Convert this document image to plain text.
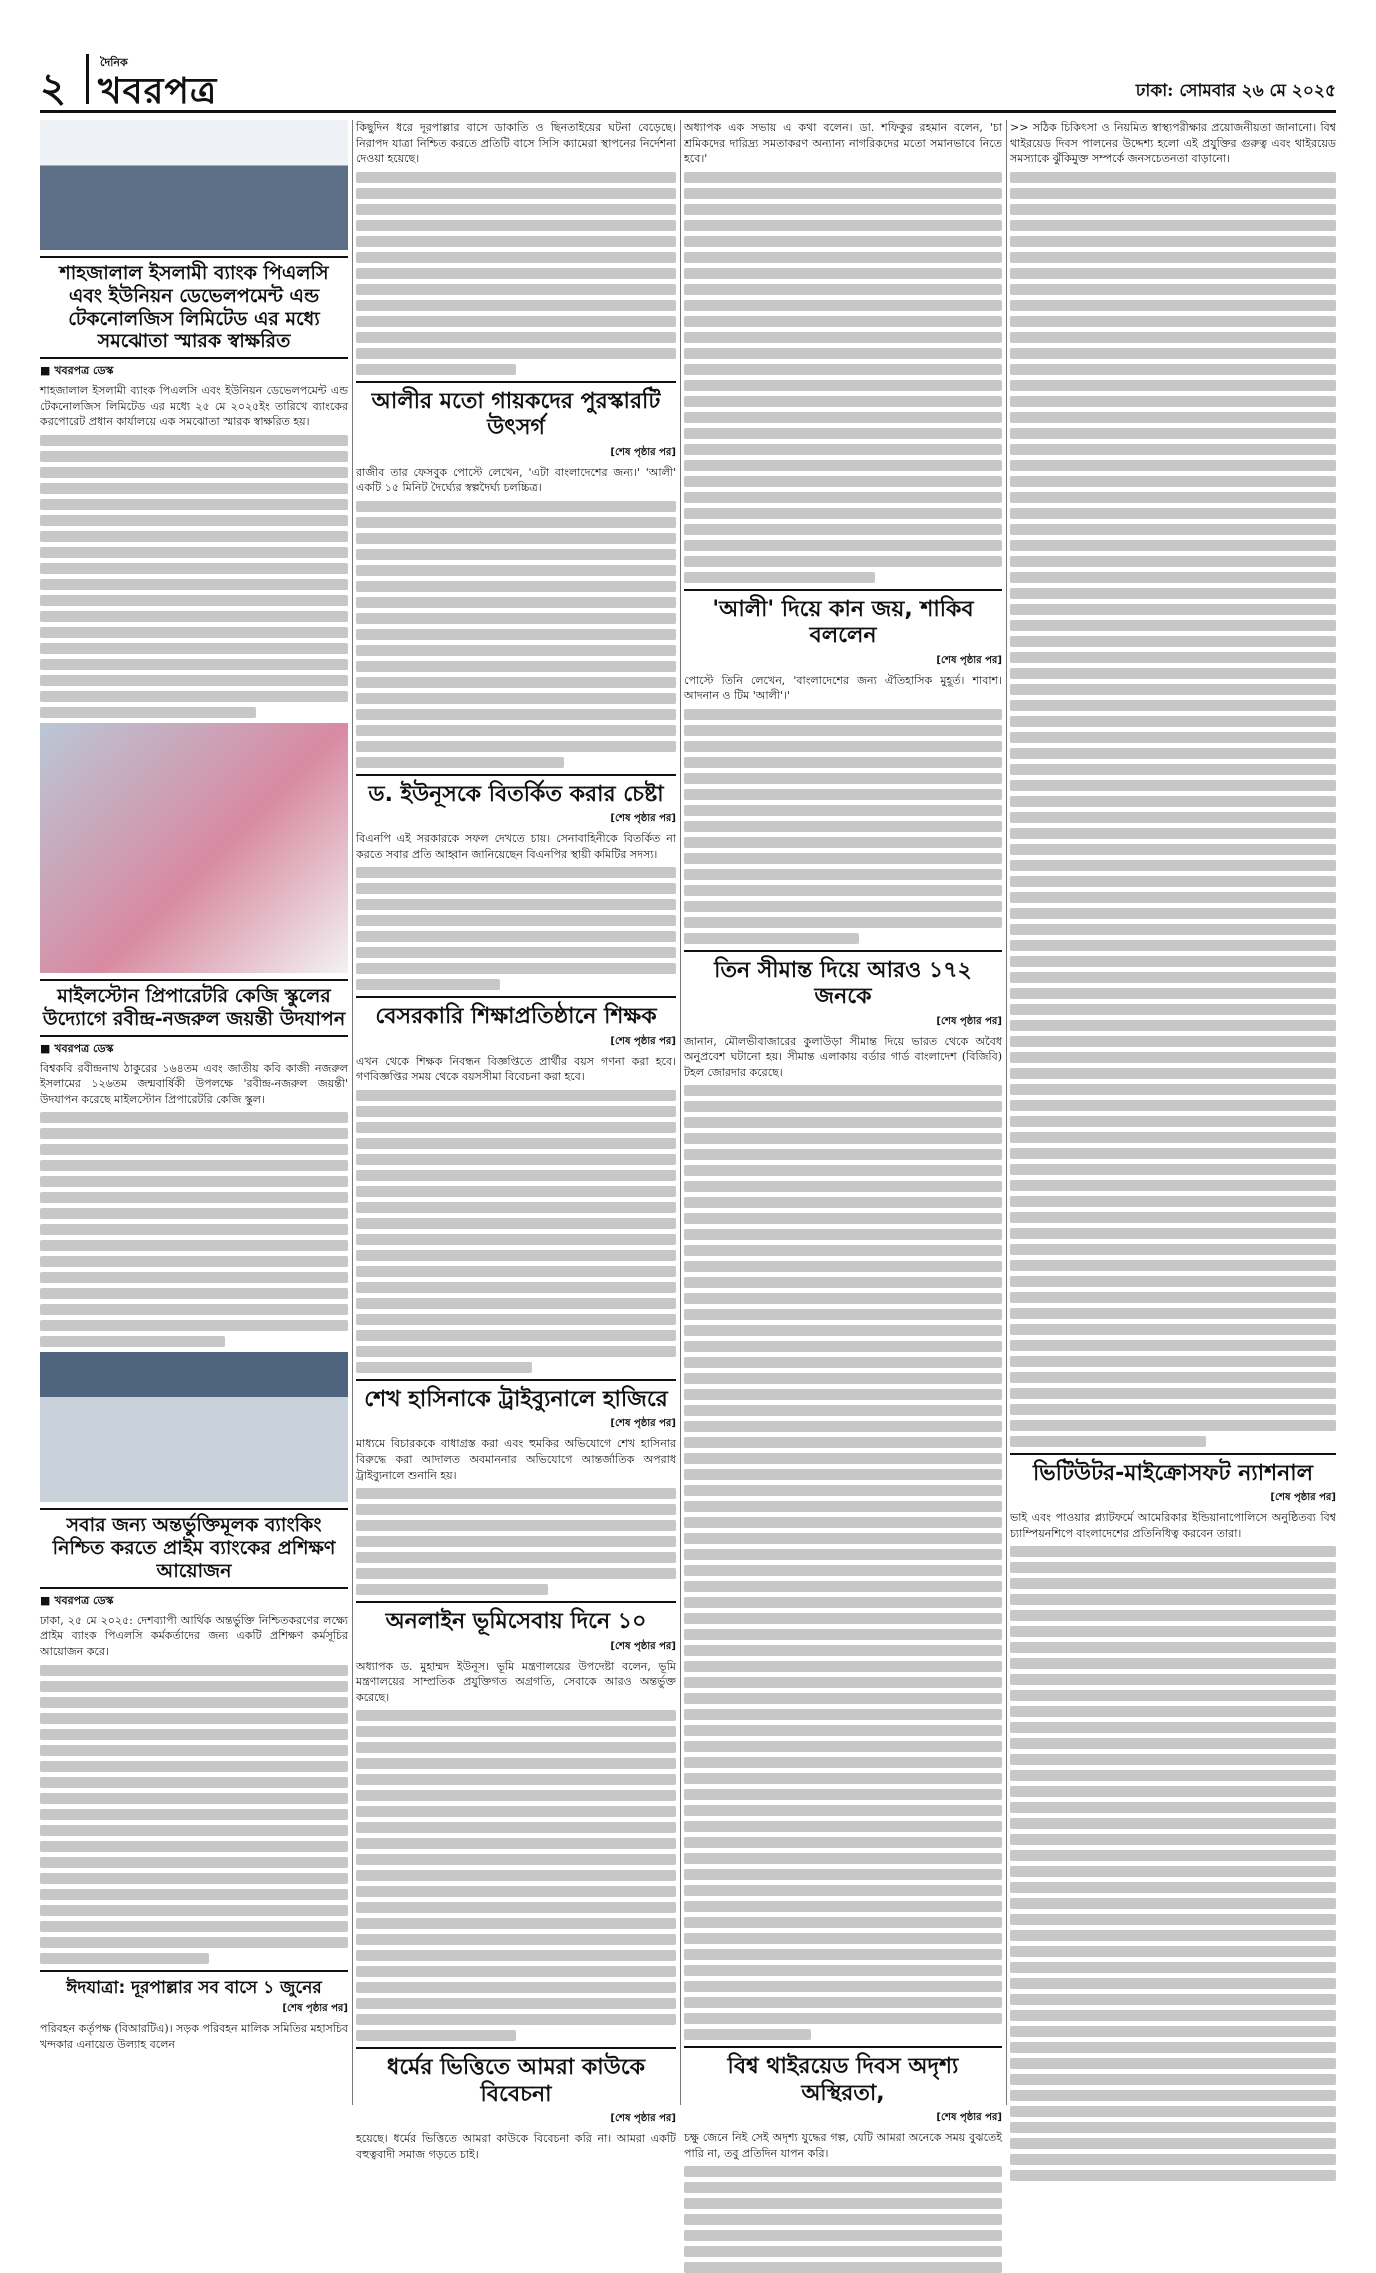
২
দৈনিক
খবরপত্র	ঢাকা: সোমবার ২৬ মে ২০২৫
শাহজালাল ইসলামী ব্যাংক পিএলসি এবং ইউনিয়ন ডেভেলপমেন্ট এন্ড টেকনোলজিস লিমিটেড এর মধ্যে সমঝোতা স্মারক স্বাক্ষরিত
■ খবরপত্র ডেস্ক

শাহজালাল ইসলামী ব্যাংক পিএলসি এবং ইউনিয়ন ডেভেলপমেন্ট এন্ড টেকনোলজিস লিমিটেড এর মধ্যে ২৫ মে ২০২৫ইং তারিখে ব্যাংকের করপোরেট প্রধান কার্যালয়ে এক সমঝোতা স্মারক স্বাক্ষরিত হয়।

মাইলস্টোন প্রিপারেটরি কেজি স্কুলের উদ্যোগে রবীন্দ্র-নজরুল জয়ন্তী উদযাপন
■ খবরপত্র ডেস্ক

বিশ্বকবি রবীন্দ্রনাথ ঠাকুরের ১৬৪তম এবং জাতীয় কবি কাজী নজরুল ইসলামের ১২৬তম জন্মবার্ষিকী উপলক্ষে 'রবীন্দ্র-নজরুল জয়ন্তী' উদযাপন করেছে মাইলস্টোন প্রিপারেটরি কেজি স্কুল।

সবার জন্য অন্তর্ভুক্তিমূলক ব্যাংকিং নিশ্চিত করতে প্রাইম ব্যাংকের প্রশিক্ষণ আয়োজন
■ খবরপত্র ডেস্ক

ঢাকা, ২৫ মে ২০২৫: দেশব্যাপী আর্থিক অন্তর্ভুক্তি নিশ্চিতকরণের লক্ষ্যে প্রাইম ব্যাংক পিএলসি কর্মকর্তাদের জন্য একটি প্রশিক্ষণ কর্মসূচির আয়োজন করে।

ঈদযাত্রা: দূরপাল্লার সব বাসে ১ জুনের
[শেষ পৃষ্ঠার পর]

পরিবহন কর্তৃপক্ষ (বিআরটিএ)। সড়ক পরিবহন মালিক সমিতির মহাসচিব খন্দকার এনায়েত উল্যাহ বলেন

কিছুদিন ধরে দূরপাল্লার বাসে ডাকাতি ও ছিনতাইয়ের ঘটনা বেড়েছে। নিরাপদ যাত্রা নিশ্চিত করতে প্রতিটি বাসে সিসি ক্যামেরা স্থাপনের নির্দেশনা দেওয়া হয়েছে।

আলীর মতো গায়কদের পুরস্কারটি উৎসর্গ
[শেষ পৃষ্ঠার পর]

রাজীব তার ফেসবুক পোস্টে লেখেন, 'এটা বাংলাদেশের জন্য।' 'আলী' একটি ১৫ মিনিট দৈর্ঘ্যের স্বল্পদৈর্ঘ্য চলচ্চিত্র।

ড. ইউনূসকে বিতর্কিত করার চেষ্টা
[শেষ পৃষ্ঠার পর]

বিএনপি এই সরকারকে সফল দেখতে চায়। সেনাবাহিনীকে বিতর্কিত না করতে সবার প্রতি আহ্বান জানিয়েছেন বিএনপির স্থায়ী কমিটির সদস্য।

বেসরকারি শিক্ষাপ্রতিষ্ঠানে শিক্ষক
[শেষ পৃষ্ঠার পর]

এখন থেকে শিক্ষক নিবন্ধন বিজ্ঞপ্তিতে প্রার্থীর বয়স গণনা করা হবে। গণবিজ্ঞপ্তির সময় থেকে বয়সসীমা বিবেচনা করা হবে।

শেখ হাসিনাকে ট্রাইব্যুনালে হাজিরে
[শেষ পৃষ্ঠার পর]

মাধ্যমে বিচারককে বাধাগ্রস্ত করা এবং হুমকির অভিযোগে শেখ হাসিনার বিরুদ্ধে করা আদালত অবমাননার অভিযোগে আন্তর্জাতিক অপরাধ ট্রাইব্যুনালে শুনানি হয়।

অনলাইন ভূমিসেবায় দিনে ১০
[শেষ পৃষ্ঠার পর]

অধ্যাপক ড. মুহাম্মদ ইউনূস। ভূমি মন্ত্রণালয়ের উপদেষ্টা বলেন, ভূমি মন্ত্রণালয়ের সাম্প্রতিক প্রযুক্তিগত অগ্রগতি, সেবাকে আরও অন্তর্ভুক্ত করেছে।

ধর্মের ভিত্তিতে আমরা কাউকে বিবেচনা
[শেষ পৃষ্ঠার পর]

হয়েছে। ধর্মের ভিত্তিতে আমরা কাউকে বিবেচনা করি না। আমরা একটি বহুত্ববাদী সমাজ গড়তে চাই।

অধ্যাপক এক সভায় এ কথা বলেন। ডা. শফিকুর রহমান বলেন, 'চা শ্রমিকদের দারিদ্র্য সমতাকরণ অন্যান্য নাগরিকদের মতো সমানভাবে নিতে হবে।'

'আলী' দিয়ে কান জয়, শাকিব বললেন
[শেষ পৃষ্ঠার পর]

পোস্টে তিনি লেখেন, 'বাংলাদেশের জন্য ঐতিহাসিক মুহূর্ত। শাবাশ। আদনান ও টিম 'আলী'।'

তিন সীমান্ত দিয়ে আরও ১৭২ জনকে
[শেষ পৃষ্ঠার পর]

জানান, মৌলভীবাজারের কুলাউড়া সীমান্ত দিয়ে ভারত থেকে অবৈধ অনুপ্রবেশ ঘটানো হয়। সীমান্ত এলাকায় বর্ডার গার্ড বাংলাদেশ (বিজিবি) টহল জোরদার করেছে।

বিশ্ব থাইরয়েড দিবস অদৃশ্য অস্থিরতা,
[শেষ পৃষ্ঠার পর]

চক্ষু জেনে নিই সেই অদৃশ্য যুদ্ধের গল্প, যেটি আমরা অনেকে সময় বুঝতেই পারি না, তবু প্রতিদিন যাপন করি।

>> সঠিক চিকিৎসা ও নিয়মিত স্বাস্থ্যপরীক্ষার প্রয়োজনীয়তা জানানো। বিশ্ব থাইরয়েড দিবস পালনের উদ্দেশ্য হলো এই প্রযুক্তির গুরুত্ব এবং থাইরয়েড সমস্যাকে ঝুঁকিমুক্ত সম্পর্কে জনসচেতনতা বাড়ানো।

ভিটিউটর-মাইক্রোসফট ন্যাশনাল
[শেষ পৃষ্ঠার পর]

ভাই এবং পাওয়ার প্ল্যাটফর্মে আমেরিকার ইন্ডিয়ানাপোলিসে অনুষ্ঠিতব্য বিশ্ব চ্যাম্পিয়নশিপে বাংলাদেশের প্রতিনিধিত্ব করবেন তারা।
